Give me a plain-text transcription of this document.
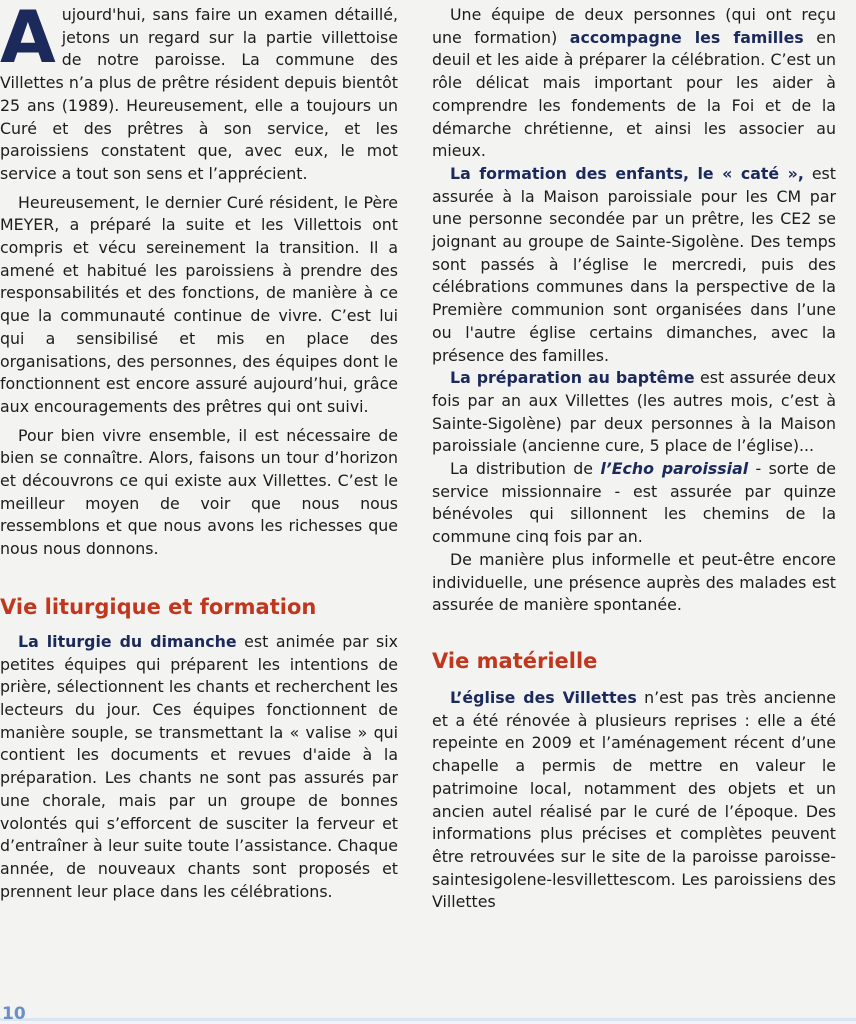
Aujourd'hui, sans faire un examen détaillé, jetons un regard sur la partie villettoise de notre paroisse. La commune des Villettes n’a plus de prêtre résident depuis bientôt 25 ans (1989). Heureusement, elle a toujours un Curé et des prêtres à son service, et les paroissiens constatent que, avec eux, le mot service a tout son sens et l’apprécient.

Heureusement, le dernier Curé résident, le Père MEYER, a préparé la suite et les Villettois ont compris et vécu sereinement la transition. Il a amené et habitué les paroissiens à prendre des responsabilités et des fonctions, de manière à ce que la communauté continue de vivre. C’est lui qui a sensibilisé et mis en place des organisations, des personnes, des équipes dont le fonctionnent est encore assuré aujourd’hui, grâce aux encouragements des prêtres qui ont suivi.

Pour bien vivre ensemble, il est nécessaire de bien se connaître. Alors, faisons un tour d’horizon et découvrons ce qui existe aux Villettes. C’est le meilleur moyen de voir que nous nous ressemblons et que nous avons les richesses que nous nous donnons.

Vie liturgique et formation

La liturgie du dimanche est animée par six petites équipes qui préparent les intentions de prière, sélectionnent les chants et recherchent les lecteurs du jour. Ces équipes fonctionnent de manière souple, se transmettant la « valise » qui contient les documents et revues d'aide à la préparation. Les chants ne sont pas assurés par une chorale, mais par un groupe de bonnes volontés qui s’efforcent de susciter la ferveur et d’entraîner à leur suite toute l’assistance. Chaque année, de nouveaux chants sont proposés et prennent leur place dans les célébrations.

Une équipe de deux personnes (qui ont reçu une formation) accompagne les familles en deuil et les aide à préparer la célébration. C’est un rôle délicat mais important pour les aider à comprendre les fondements de la Foi et de la démarche chrétienne, et ainsi les associer au mieux.

La formation des enfants, le « caté », est assurée à la Maison paroissiale pour les CM par une personne secondée par un prêtre, les CE2 se joignant au groupe de Sainte-Sigolène. Des temps sont passés à l’église le mercredi, puis des célébrations communes dans la perspective de la Première communion sont organisées dans l’une ou l'autre église certains dimanches, avec la présence des familles.

La préparation au baptême est assurée deux fois par an aux Villettes (les autres mois, c’est à Sainte-Sigolène) par deux personnes à la Maison paroissiale (ancienne cure, 5 place de l’église)...

La distribution de l’Echo paroissial - sorte de service missionnaire - est assurée par quinze bénévoles qui sillonnent les chemins de la commune cinq fois par an.

De manière plus informelle et peut-être encore individuelle, une présence auprès des malades est assurée de manière spontanée.

Vie matérielle

L’église des Villettes n’est pas très ancienne et a été rénovée à plusieurs reprises : elle a été repeinte en 2009 et l’aménagement récent d’une chapelle a permis de mettre en valeur le patrimoine local, notamment des objets et un ancien autel réalisé par le curé de l’époque. Des informations plus précises et complètes peuvent être retrouvées sur le site de la paroisse paroisse-saintesigolene-lesvillettescom. Les paroissiens des Villettes

10
